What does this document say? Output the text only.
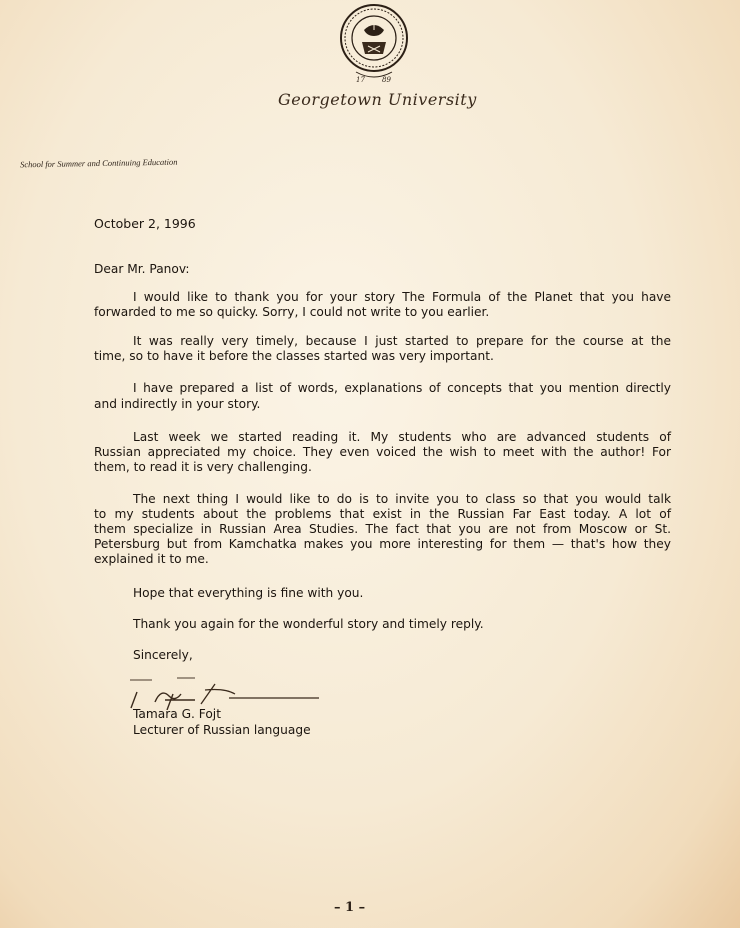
17 89
Georgetown University
School for Summer and Continuing Education
October 2, 1996
Dear Mr. Panov:
I would like to thank you for your story The Formula of the Planet that you have
forwarded to me so quicky. Sorry, I could not write to you earlier.
It was really very timely, because I just started to prepare for the course at the
time, so to have it before the classes started was very important.
I have prepared a list of words, explanations of concepts that you mention directly
and indirectly in your story.
Last week we started reading it. My students who are advanced students of
Russian appreciated my choice. They even voiced the wish to meet with the author! For
them, to read it is very challenging.
The next thing I would like to do is to invite you to class so that you would talk
to my students about the problems that exist in the Russian Far East today. A lot of
them specialize in Russian Area Studies. The fact that you are not from Moscow or St.
Petersburg but from Kamchatka makes you more interesting for them — that's how they
explained it to me.
Hope that everything is fine with you.
Thank you again for the wonderful story and timely reply.
Sincerely,
Tamara G. Fojt
Lecturer of Russian language
– 1 –
